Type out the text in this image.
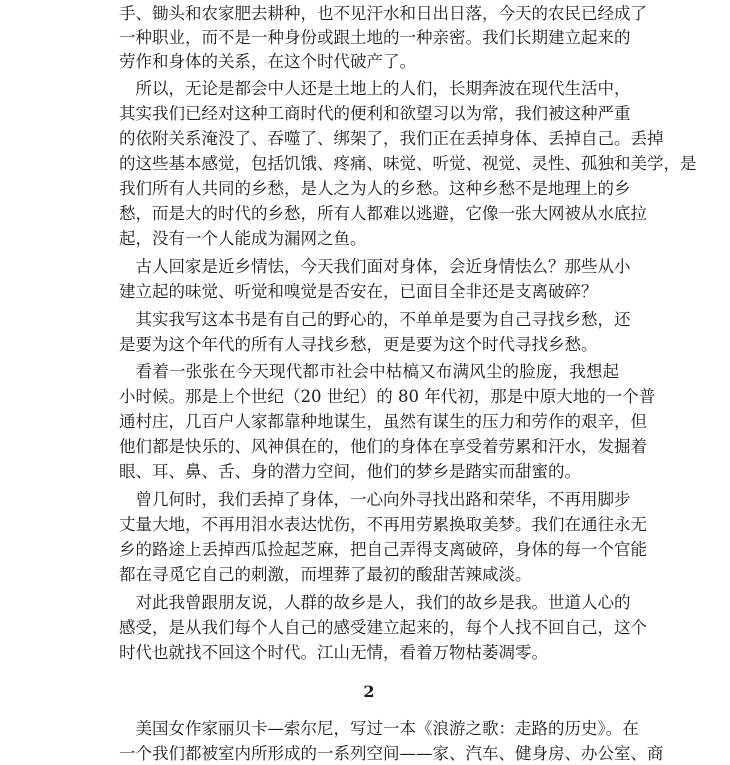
手、锄头和农家肥去耕种，也不见汗水和日出日落，今天的农民已经成了
一种职业，而不是一种身份或跟土地的一种亲密。我们长期建立起来的
劳作和身体的关系，在这个时代破产了。
　所以，无论是都会中人还是土地上的人们，长期奔波在现代生活中，
其实我们已经对这种工商时代的便利和欲望习以为常，我们被这种严重
的依附关系淹没了、吞噬了、绑架了，我们正在丢掉身体、丢掉自己。丢掉
的这些基本感觉，包括饥饿、疼痛、味觉、听觉、视觉、灵性、孤独和美学，是
我们所有人共同的乡愁，是人之为人的乡愁。这种乡愁不是地理上的乡
愁，而是大的时代的乡愁，所有人都难以逃避，它像一张大网被从水底拉
起，没有一个人能成为漏网之鱼。
　古人回家是近乡情怯，今天我们面对身体，会近身情怯么？那些从小
建立起的味觉、听觉和嗅觉是否安在，已面目全非还是支离破碎？
　其实我写这本书是有自己的野心的，不单单是要为自己寻找乡愁，还
是要为这个年代的所有人寻找乡愁，更是要为这个时代寻找乡愁。
　看着一张张在今天现代都市社会中枯槁又布满风尘的脸庞，我想起
小时候。那是上个世纪（20 世纪）的 80 年代初，那是中原大地的一个普
通村庄，几百户人家都靠种地谋生，虽然有谋生的压力和劳作的艰辛，但
他们都是快乐的、风神俱在的，他们的身体在享受着劳累和汗水，发掘着
眼、耳、鼻、舌、身的潜力空间，他们的梦乡是踏实而甜蜜的。
　曾几何时，我们丢掉了身体，一心向外寻找出路和荣华，不再用脚步
丈量大地，不再用泪水表达忧伤，不再用劳累换取美梦。我们在通往永无
乡的路途上丢掉西瓜捡起芝麻，把自己弄得支离破碎，身体的每一个官能
都在寻觅它自己的刺激，而埋葬了最初的酸甜苦辣咸淡。
　对此我曾跟朋友说，人群的故乡是人，我们的故乡是我。世道人心的
感受，是从我们每个人自己的感受建立起来的，每个人找不回自己，这个
时代也就找不回这个时代。江山无情，看着万物枯萎凋零。
2
　美国女作家丽贝卡—索尔尼，写过一本《浪游之歌：走路的历史》。在
一个我们都被室内所形成的一系列空间——家、汽车、健身房、办公室、商
